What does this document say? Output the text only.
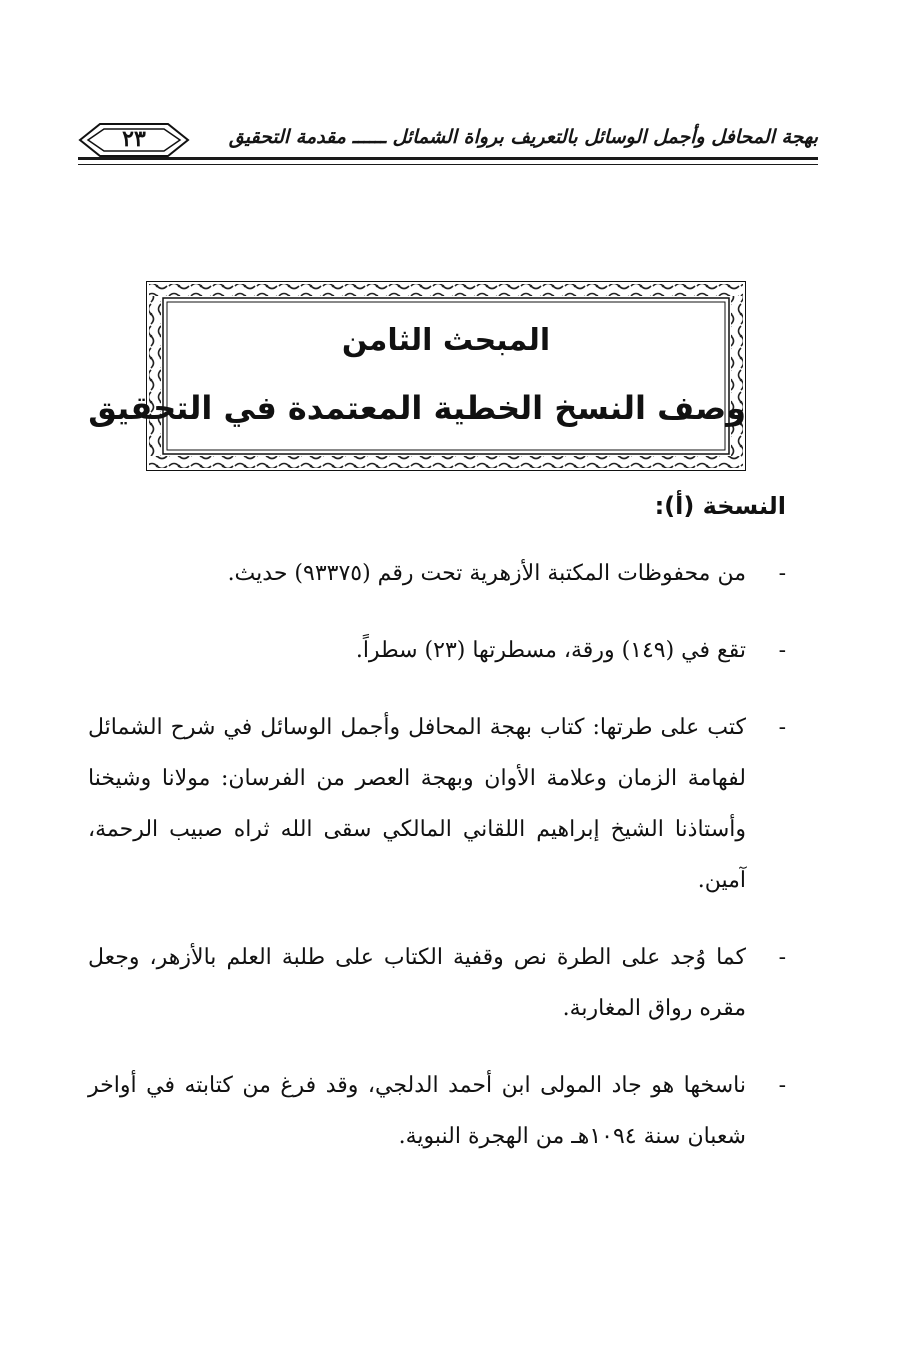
بهجة المحافل وأجمل الوسائل بالتعريف برواة الشمائل ــــــ مقدمة التحقيق
٢٣
المبحث الثامن
وصف النسخ الخطية المعتمدة في التحقيق
النسخة (أ):
-
من محفوظات المكتبة الأزهرية تحت رقم (٩٣٣٧٥) حديث.
-
تقع في (١٤٩) ورقة، مسطرتها (٢٣) سطراً.
-
كتب على طرتها: كتاب بهجة المحافل وأجمل الوسائل في شرح الشمائل لفهامة الزمان وعلامة الأوان وبهجة العصر من الفرسان: مولانا وشيخنا وأستاذنا الشيخ إبراهيم اللقاني المالكي سقى الله ثراه صبيب الرحمة، آمين.
-
كما وُجد على الطرة نص وقفية الكتاب على طلبة العلم بالأزهر، وجعل مقره رواق المغاربة.
-
ناسخها هو جاد المولى ابن أحمد الدلجي، وقد فرغ من كتابته في أواخر شعبان سنة ١٠٩٤هـ من الهجرة النبوية.
